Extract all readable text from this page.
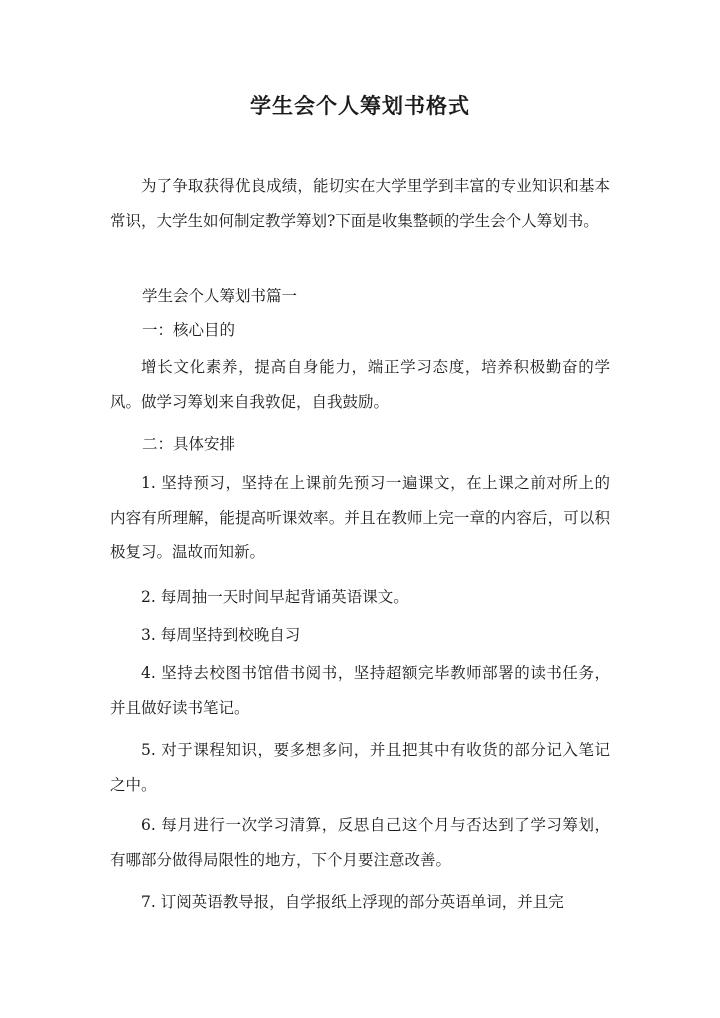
学生会个人筹划书格式

为了争取获得优良成绩，能切实在大学里学到丰富的专业知识和基本常识，大学生如何制定教学筹划?下面是收集整顿的学生会个人筹划书。

学生会个人筹划书篇一

一：核心目的

增长文化素养，提高自身能力，端正学习态度，培养积极勤奋的学风。做学习筹划来自我敦促，自我鼓励。

二：具体安排

1. 坚持预习，坚持在上课前先预习一遍课文，在上课之前对所上的内容有所理解，能提高听课效率。并且在教师上完一章的内容后，可以积极复习。温故而知新。

2. 每周抽一天时间早起背诵英语课文。

3. 每周坚持到校晚自习

4. 坚持去校图书馆借书阅书，坚持超额完毕教师部署的读书任务，并且做好读书笔记。

5. 对于课程知识，要多想多问，并且把其中有收货的部分记入笔记之中。

6. 每月进行一次学习清算，反思自己这个月与否达到了学习筹划，有哪部分做得局限性的地方，下个月要注意改善。

7. 订阅英语教导报，自学报纸上浮现的部分英语单词，并且完
